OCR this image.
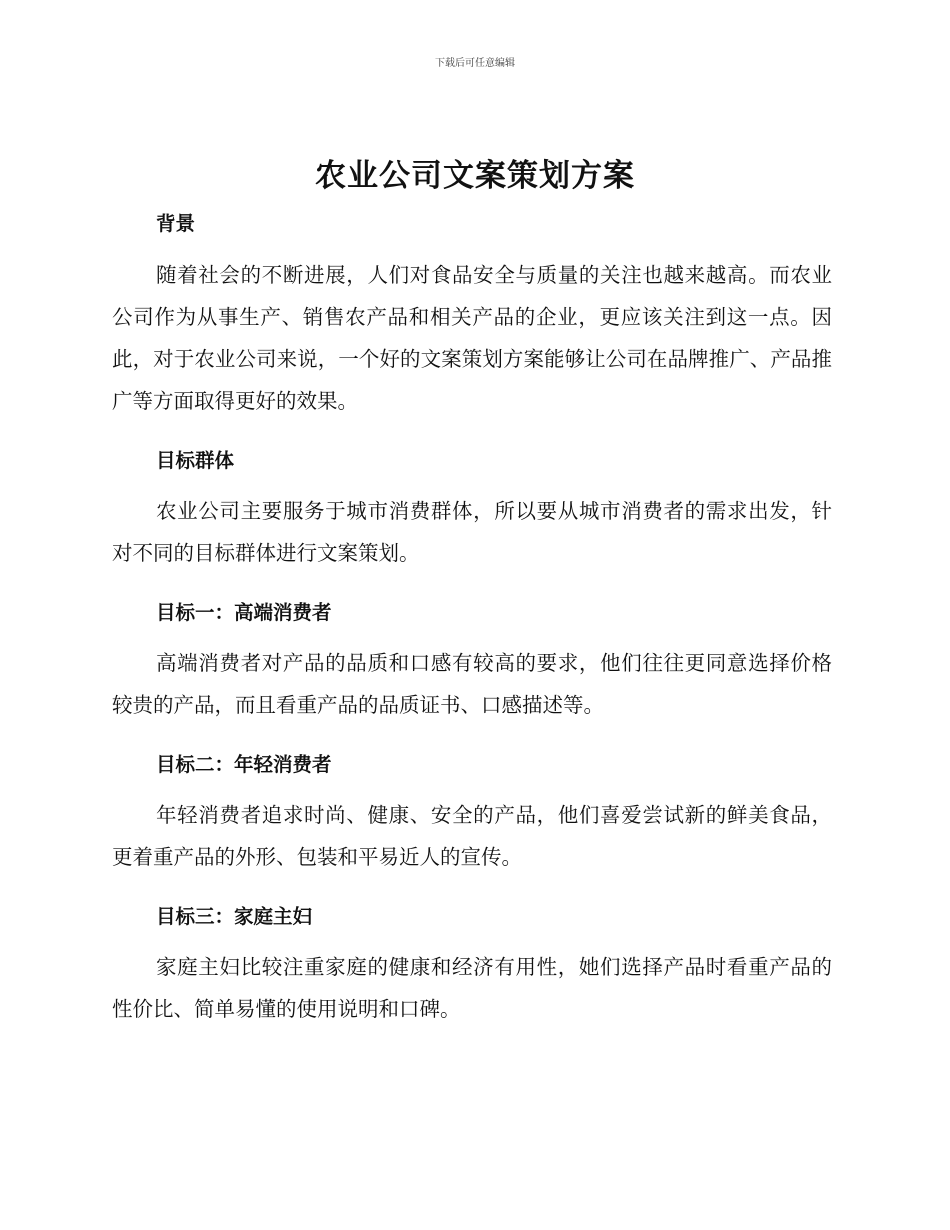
下载后可任意编辑
农业公司文案策划方案
背景

随着社会的不断进展，人们对食品安全与质量的关注也越来越高。而农业公司作为从事生产、销售农产品和相关产品的企业，更应该关注到这一点。因此，对于农业公司来说，一个好的文案策划方案能够让公司在品牌推广、产品推广等方面取得更好的效果。

目标群体

农业公司主要服务于城市消费群体，所以要从城市消费者的需求出发，针对不同的目标群体进行文案策划。

目标一：高端消费者

高端消费者对产品的品质和口感有较高的要求，他们往往更同意选择价格较贵的产品，而且看重产品的品质证书、口感描述等。

目标二：年轻消费者

年轻消费者追求时尚、健康、安全的产品，他们喜爱尝试新的鲜美食品，更着重产品的外形、包装和平易近人的宣传。

目标三：家庭主妇

家庭主妇比较注重家庭的健康和经济有用性，她们选择产品时看重产品的性价比、简单易懂的使用说明和口碑。
